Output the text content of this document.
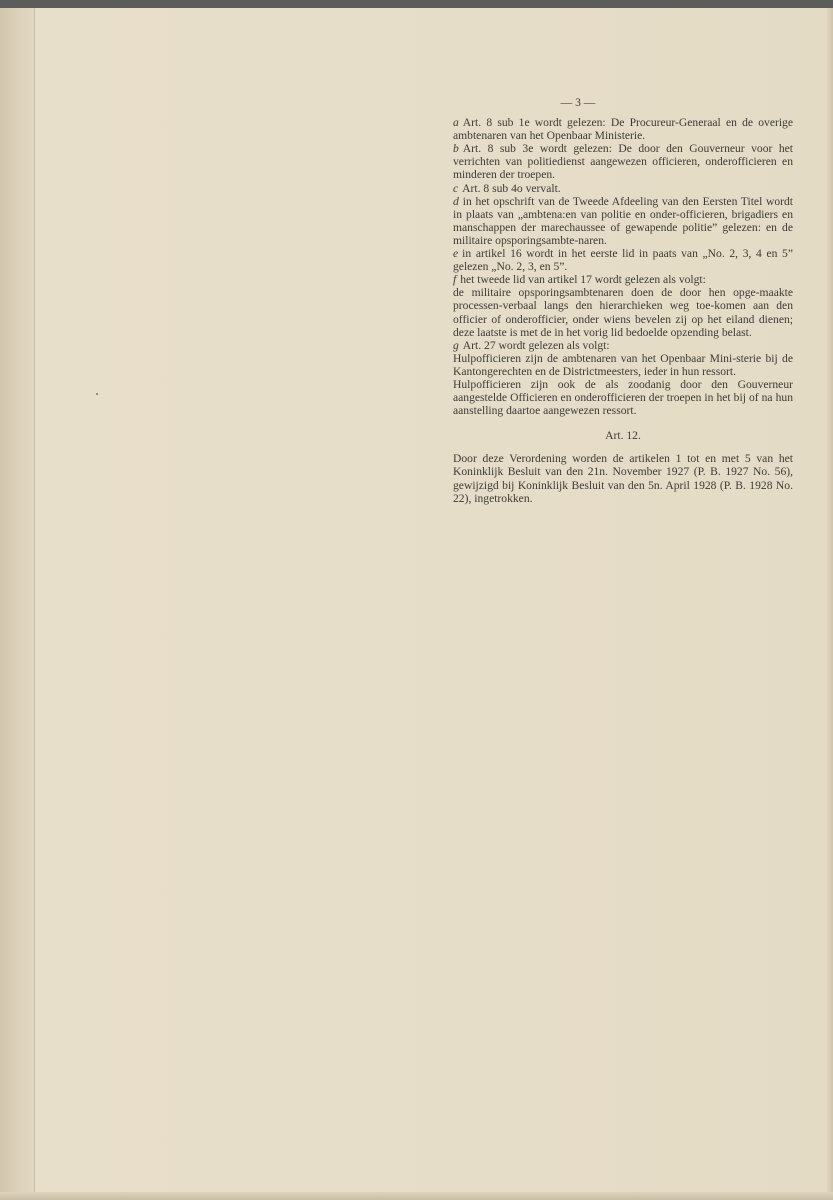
— 3 —

a Art. 8 sub 1e wordt gelezen: De Procureur-Generaal en de overige ambtenaren van het Openbaar Ministerie.

b Art. 8 sub 3e wordt gelezen: De door den Gouverneur voor het verrichten van politiedienst aangewezen officieren, onderofficieren en minderen der troepen.

c Art. 8 sub 4o vervalt.

d in het opschrift van de Tweede Afdeeling van den Eersten Titel wordt in plaats van „ambtena:en van politie en onder-officieren, brigadiers en manschappen der marechaussee of gewapende politie” gelezen: en de militaire opsporingsambte-naren.

e in artikel 16 wordt in het eerste lid in paats van „No. 2, 3, 4 en 5” gelezen „No. 2, 3, en 5”.

f het tweede lid van artikel 17 wordt gelezen als volgt:

de militaire opsporingsambtenaren doen de door hen opge-maakte processen-verbaal langs den hierarchieken weg toe-komen aan den officier of onderofficier, onder wiens bevelen zij op het eiland dienen; deze laatste is met de in het vorig lid bedoelde opzending belast.

g Art. 27 wordt gelezen als volgt:

Hulpofficieren zijn de ambtenaren van het Openbaar Mini-sterie bij de Kantongerechten en de Districtmeesters, ieder in hun ressort.

Hulpofficieren zijn ook de als zoodanig door den Gouverneur aangestelde Officieren en onderofficieren der troepen in het bij of na hun aanstelling daartoe aangewezen ressort.

Art. 12.

Door deze Verordening worden de artikelen 1 tot en met 5 van het Koninklijk Besluit van den 21n. November 1927 (P. B. 1927 No. 56), gewijzigd bij Koninklijk Besluit van den 5n. April 1928 (P. B. 1928 No. 22), ingetrokken.
